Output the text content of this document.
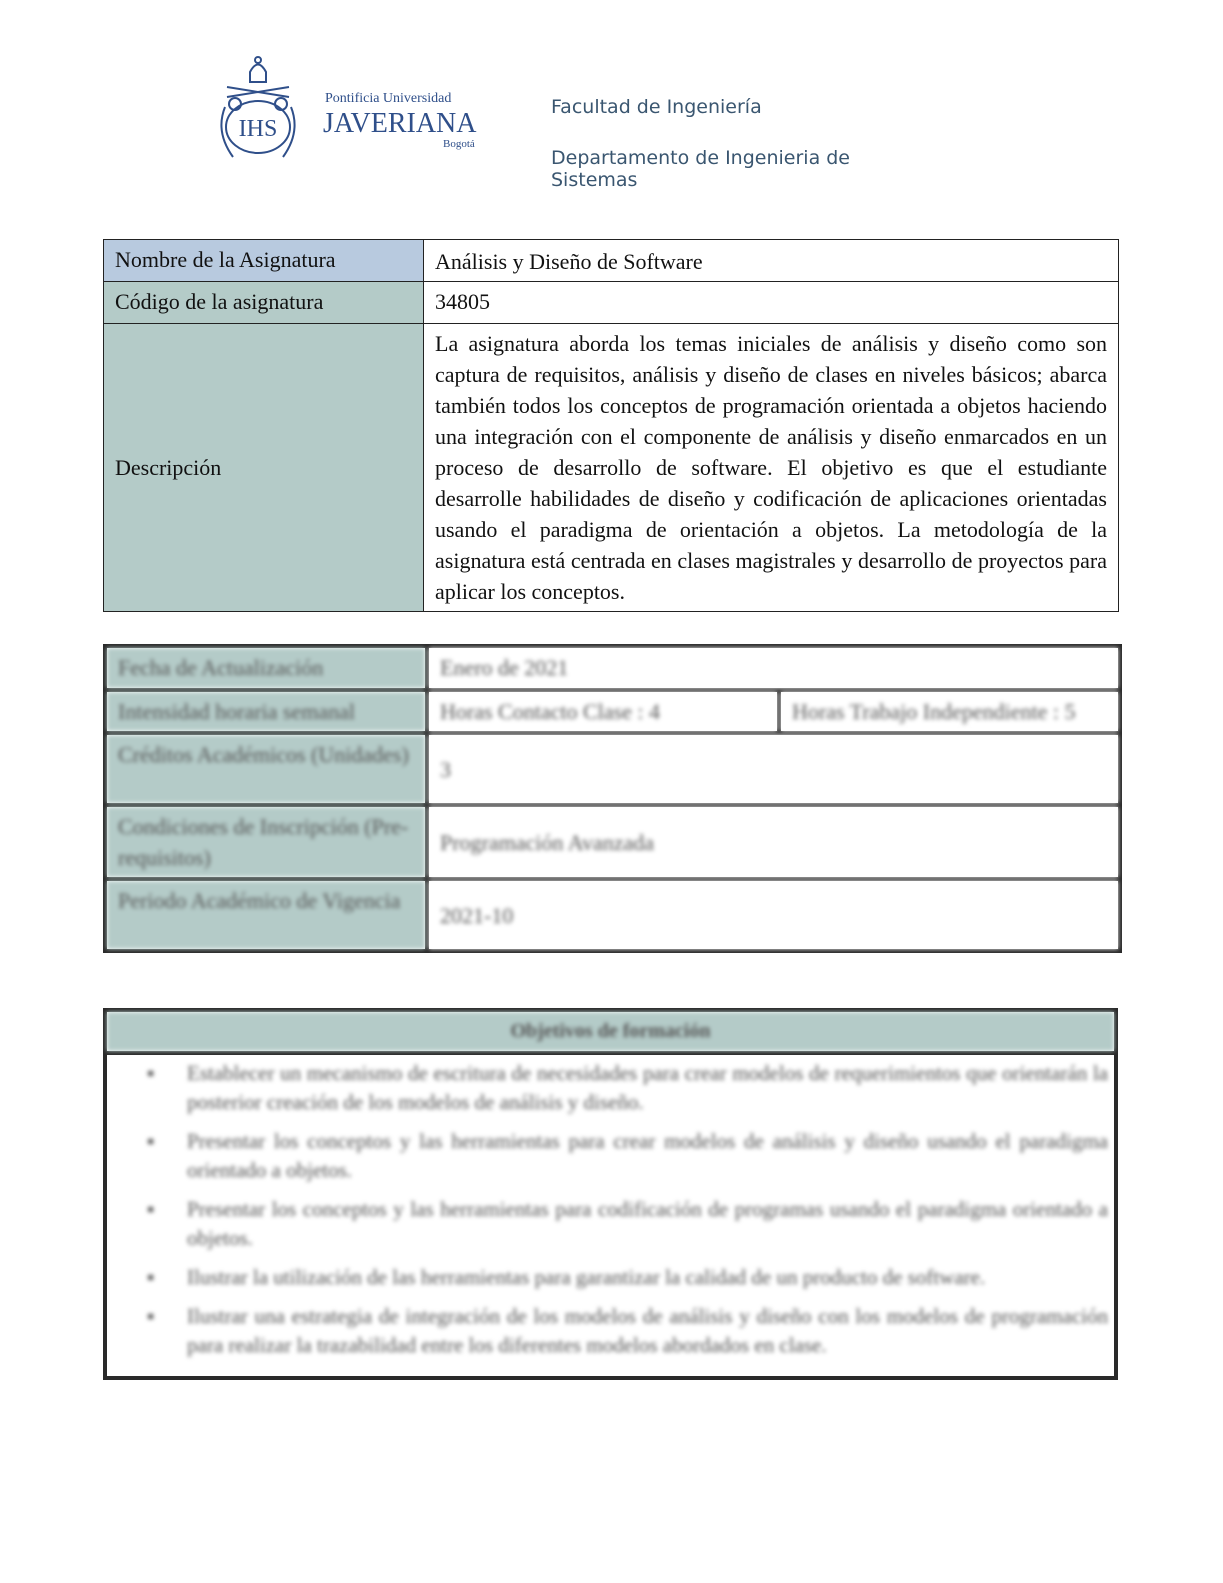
IHS
Pontificia Universidad
JAVERIANA
Bogotá
Facultad de Ingeniería
Departamento de Ingenieria de Sistemas
Nombre de la Asignatura	Análisis y Diseño de Software
Código de la asignatura	34805
Descripción	La asignatura aborda los temas iniciales de análisis y diseño como son captura de requisitos, análisis y diseño de clases en niveles básicos; abarca también todos los conceptos de programación orientada a objetos haciendo una integración con el componente de análisis y diseño enmarcados en un proceso de desarrollo de software. El objetivo es que el estudiante desarrolle habilidades de diseño y codificación de aplicaciones orientadas usando el paradigma de orientación a objetos. La metodología de la asignatura está centrada en clases magistrales y desarrollo de proyectos para aplicar los conceptos.
Fecha de Actualización	Enero de 2021	
Intensidad horaria semanal	Horas Contacto Clase : 4	Horas Trabajo Independiente : 5
Créditos Académicos (Unidades)	3	
Condiciones de Inscripción (Pre-requisitos)	Programación Avanzada	
Periodo Académico de Vigencia	2021-10	
Objetivos de formación

▪ Establecer un mecanismo de escritura de necesidades para crear modelos de requerimientos que orientarán la posterior creación de los modelos de análisis y diseño.
▪ Presentar los conceptos y las herramientas para crear modelos de análisis y diseño usando el paradigma orientado a objetos.
▪ Presentar los conceptos y las herramientas para codificación de programas usando el paradigma orientado a objetos.
▪ Ilustrar la utilización de las herramientas para garantizar la calidad de un producto de software.
▪ Ilustrar una estrategia de integración de los modelos de análisis y diseño con los modelos de programación para realizar la trazabilidad entre los diferentes modelos abordados en clase.
